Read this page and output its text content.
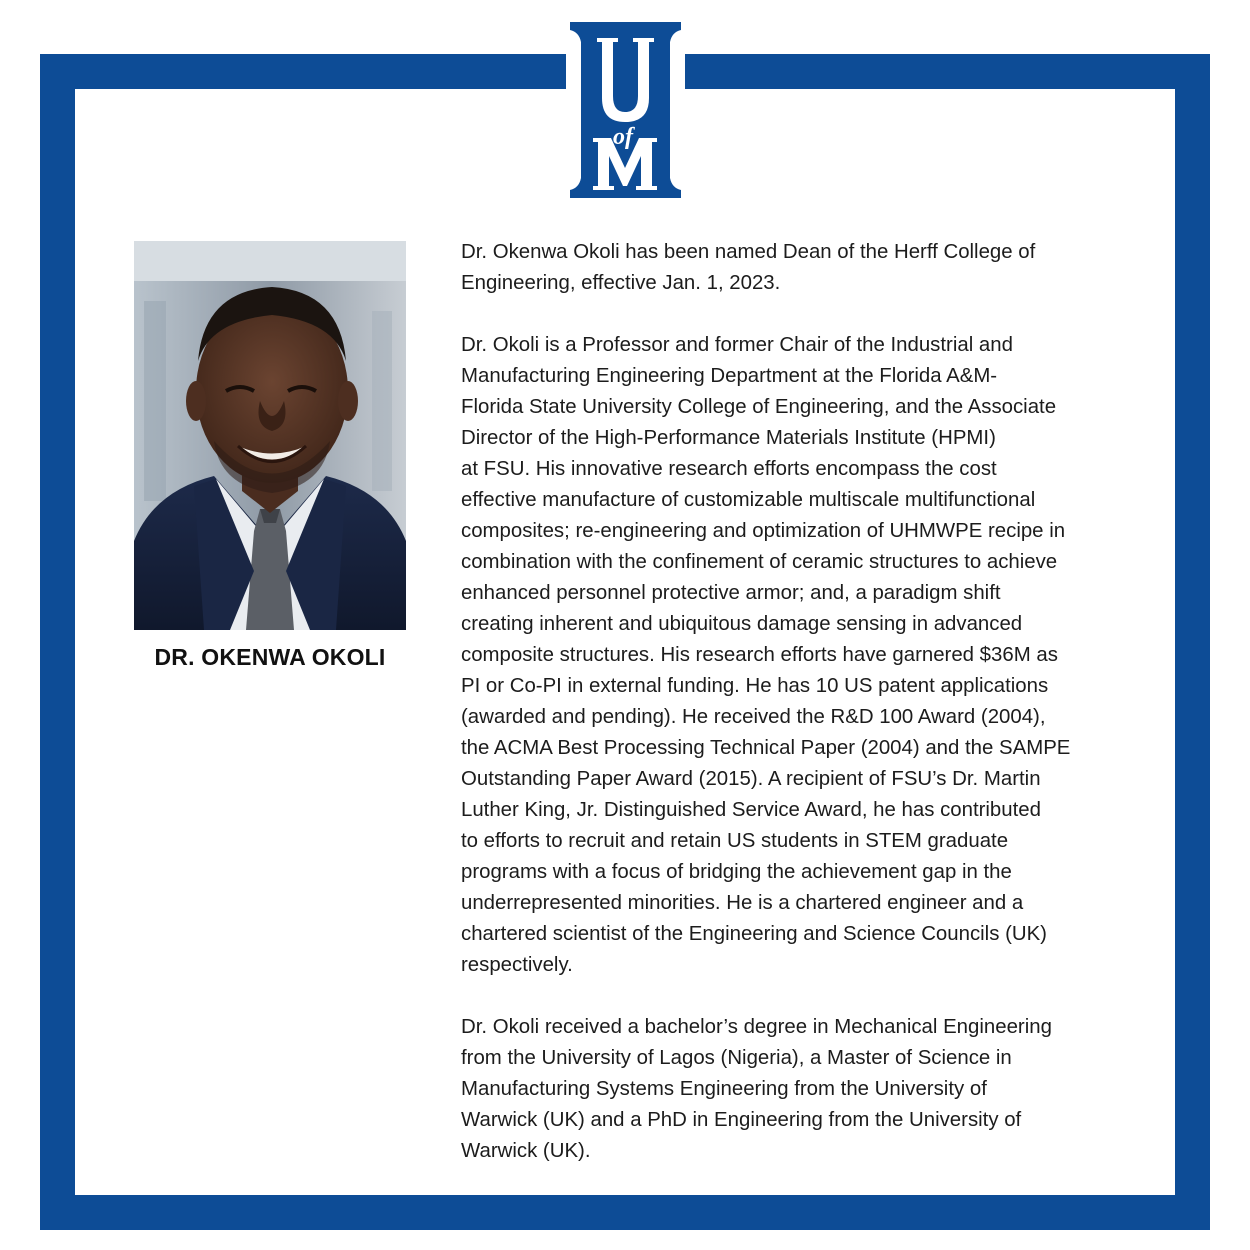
of
DR. OKENWA OKOLI

Dr. Okenwa Okoli has been named Dean of the Herff College of
Engineering, effective Jan. 1, 2023.

Dr. Okoli is a Professor and former Chair of the Industrial and
Manufacturing Engineering Department at the Florida A&M-
Florida State University College of Engineering, and the Associate
Director of the High-Performance Materials Institute (HPMI)
at FSU. His innovative research efforts encompass the cost
effective manufacture of customizable multiscale multifunctional
composites; re-engineering and optimization of UHMWPE recipe in
combination with the confinement of ceramic structures to achieve
enhanced personnel protective armor; and, a paradigm shift
creating inherent and ubiquitous damage sensing in advanced
composite structures. His research efforts have garnered $36M as
PI or Co-PI in external funding. He has 10 US patent applications
(awarded and pending). He received the R&D 100 Award (2004),
the ACMA Best Processing Technical Paper (2004) and the SAMPE
Outstanding Paper Award (2015). A recipient of FSU’s Dr. Martin
Luther King, Jr. Distinguished Service Award, he has contributed
to efforts to recruit and retain US students in STEM graduate
programs with a focus of bridging the achievement gap in the
underrepresented minorities. He is a chartered engineer and a
chartered scientist of the Engineering and Science Councils (UK)
respectively.

Dr. Okoli received a bachelor’s degree in Mechanical Engineering
from the University of Lagos (Nigeria), a Master of Science in
Manufacturing Systems Engineering from the University of
Warwick (UK) and a PhD in Engineering from the University of
Warwick (UK).
